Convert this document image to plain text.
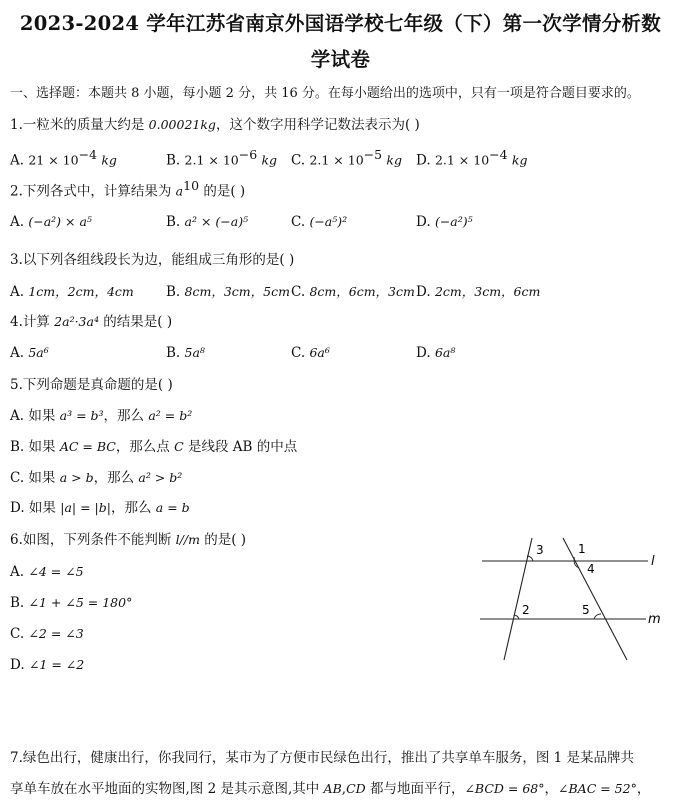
2023-2024 学年江苏省南京外国语学校七年级（下）第一次学情分析数
学试卷
一、选择题：本题共 8 小题，每小题 2 分，共 16 分。在每小题给出的选项中，只有一项是符合题目要求的。
1.一粒米的质量大约是 0.00021kg，这个数字用科学记数法表示为( )
A. $21 \times 10^{-4}$ kg	B. $2.1 \times 10^{-6}$ kg C. $2.1 \times 10^{-5}$ kg D. $2.1 \times 10^{-4}$ kg
2.下列各式中，计算结果为 $a^{10}$ 的是( )
A. (−a²) × a⁵	B. a² × (−a)⁵	C. (−a⁵)²	D. (−a²)⁵
3.以下列各组线段长为边，能组成三角形的是( )
A. 1cm，2cm，4cm B. 8cm，3cm，5cm C. 8cm，6cm，3cm D. 2cm，3cm，6cm
4.计算 2a²·3a⁴ 的结果是( )
A. 5a⁶	B. 5a⁸	C. 6a⁶	D. 6a⁸
5.下列命题是真命题的是( )
A. 如果 a³ = b³，那么 a² = b²
B. 如果 AC = BC，那么点 C 是线段 AB 的中点
C. 如果 a > b，那么 a² > b²
D. 如果 |a| = |b|，那么 a = b
6.如图，下列条件不能判断 l//m 的是( )
A. ∠4 = ∠5
B. ∠1 + ∠5 = 180°
C. ∠2 = ∠3
D. ∠1 = ∠2
3	1
4
2	5
l
m
7.绿色出行，健康出行，你我同行，某市为了方便市民绿色出行，推出了共享单车服务，图 1 是某品牌共
享单车放在水平地面的实物图,图 2 是其示意图,其中 AB,CD 都与地面平行，∠BCD = 68°，∠BAC = 52°，
